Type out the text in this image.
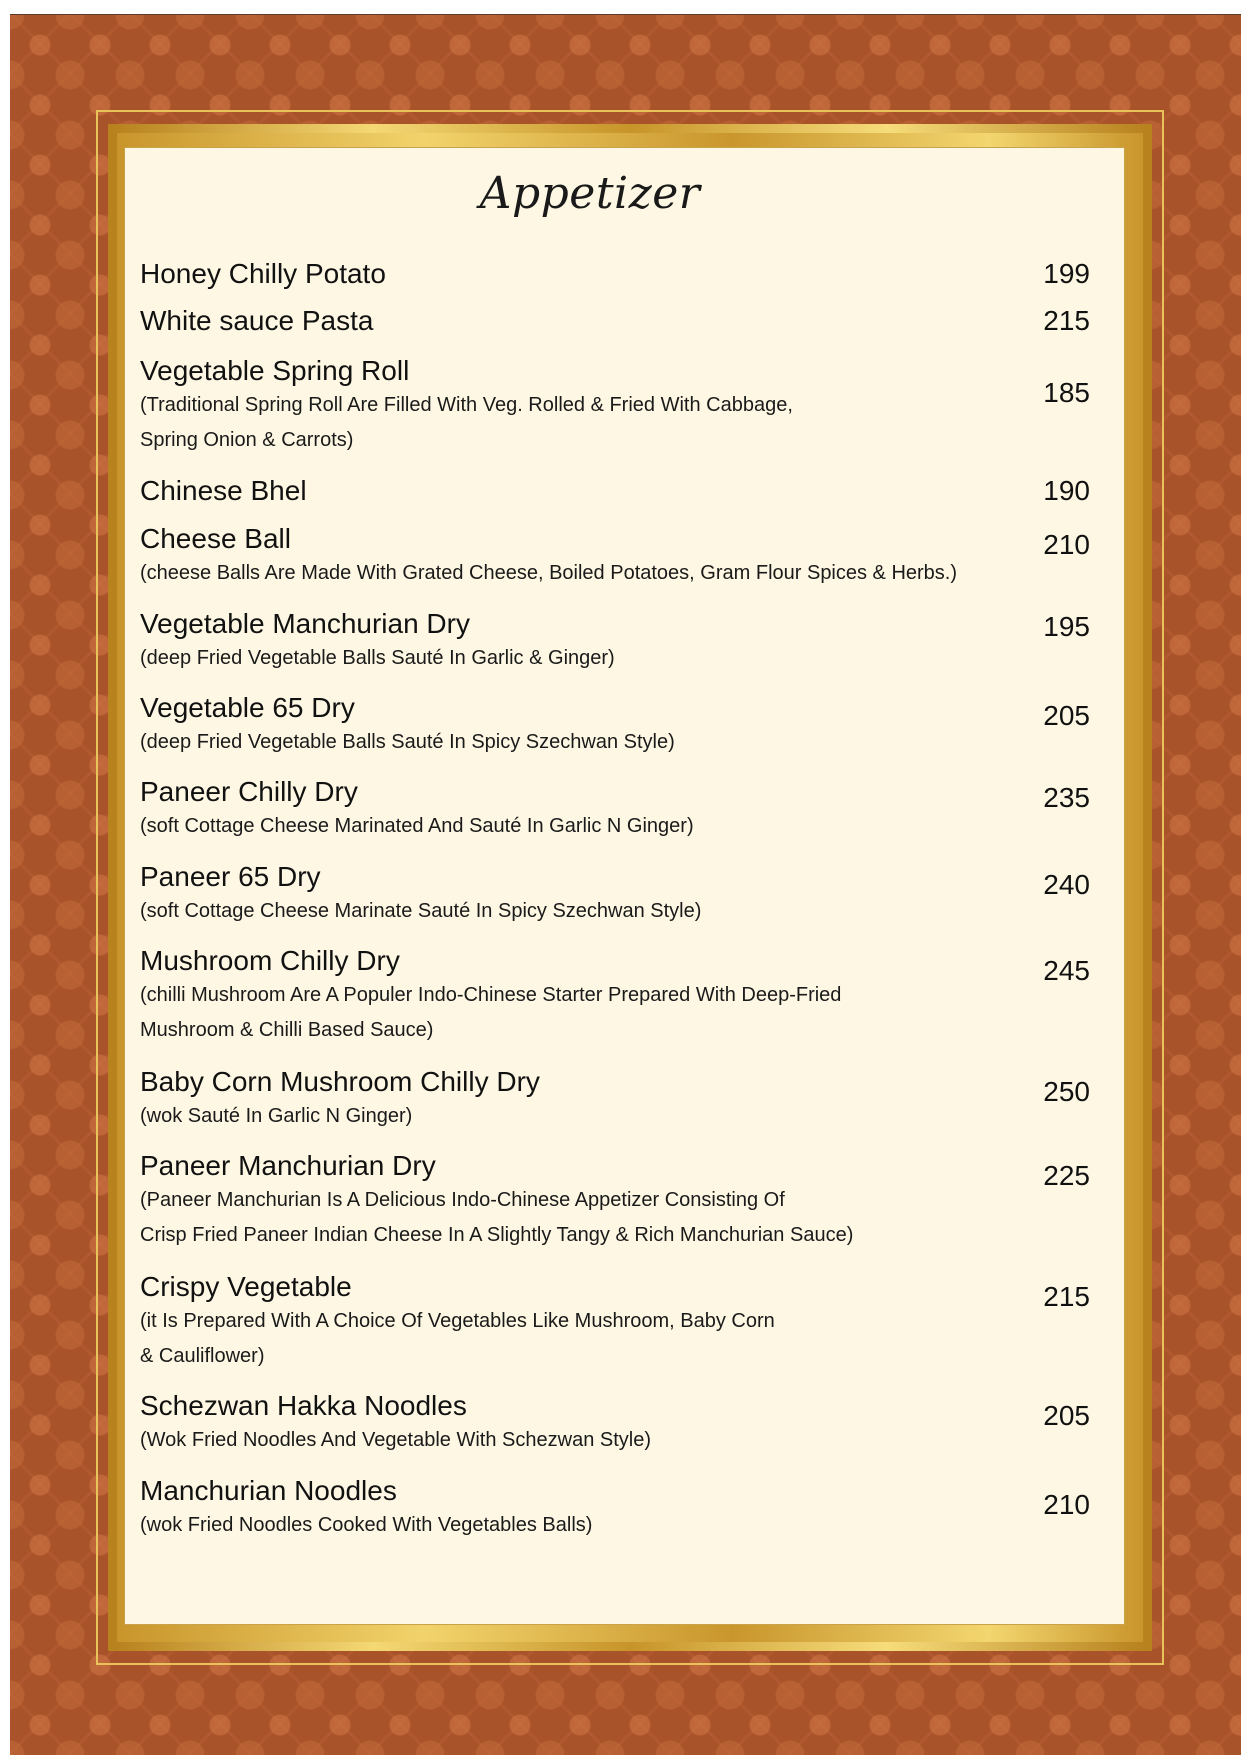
Appetizer
Honey Chilly Potato	199
White sauce Pasta	215
Vegetable Spring Roll
(Traditional Spring Roll Are Filled With Veg. Rolled & Fried With Cabbage,
Spring Onion & Carrots)
185
Chinese Bhel	190
Cheese Ball
(cheese Balls Are Made With Grated Cheese, Boiled Potatoes, Gram Flour Spices & Herbs.)
210
Vegetable Manchurian Dry
(deep Fried Vegetable Balls Sauté In Garlic & Ginger)
195
Vegetable 65 Dry
(deep Fried Vegetable Balls Sauté In Spicy Szechwan Style)
205
Paneer Chilly Dry
(soft Cottage Cheese Marinated And Sauté In Garlic N Ginger)
235
Paneer 65 Dry
(soft Cottage Cheese Marinate Sauté In Spicy Szechwan Style)
240
Mushroom Chilly Dry
(chilli Mushroom Are A Populer Indo-Chinese Starter Prepared With Deep-Fried
Mushroom & Chilli Based Sauce)
245
Baby Corn Mushroom Chilly Dry
(wok Sauté In Garlic N Ginger)
250
Paneer Manchurian Dry
(Paneer Manchurian Is A Delicious Indo-Chinese Appetizer Consisting Of
Crisp Fried Paneer Indian Cheese In A Slightly Tangy & Rich Manchurian Sauce)
225
Crispy Vegetable
(it Is Prepared With A Choice Of Vegetables Like Mushroom, Baby Corn
& Cauliflower)
215
Schezwan Hakka Noodles
(Wok Fried Noodles And Vegetable With Schezwan Style)
205
Manchurian Noodles
(wok Fried Noodles Cooked With Vegetables Balls)
210
